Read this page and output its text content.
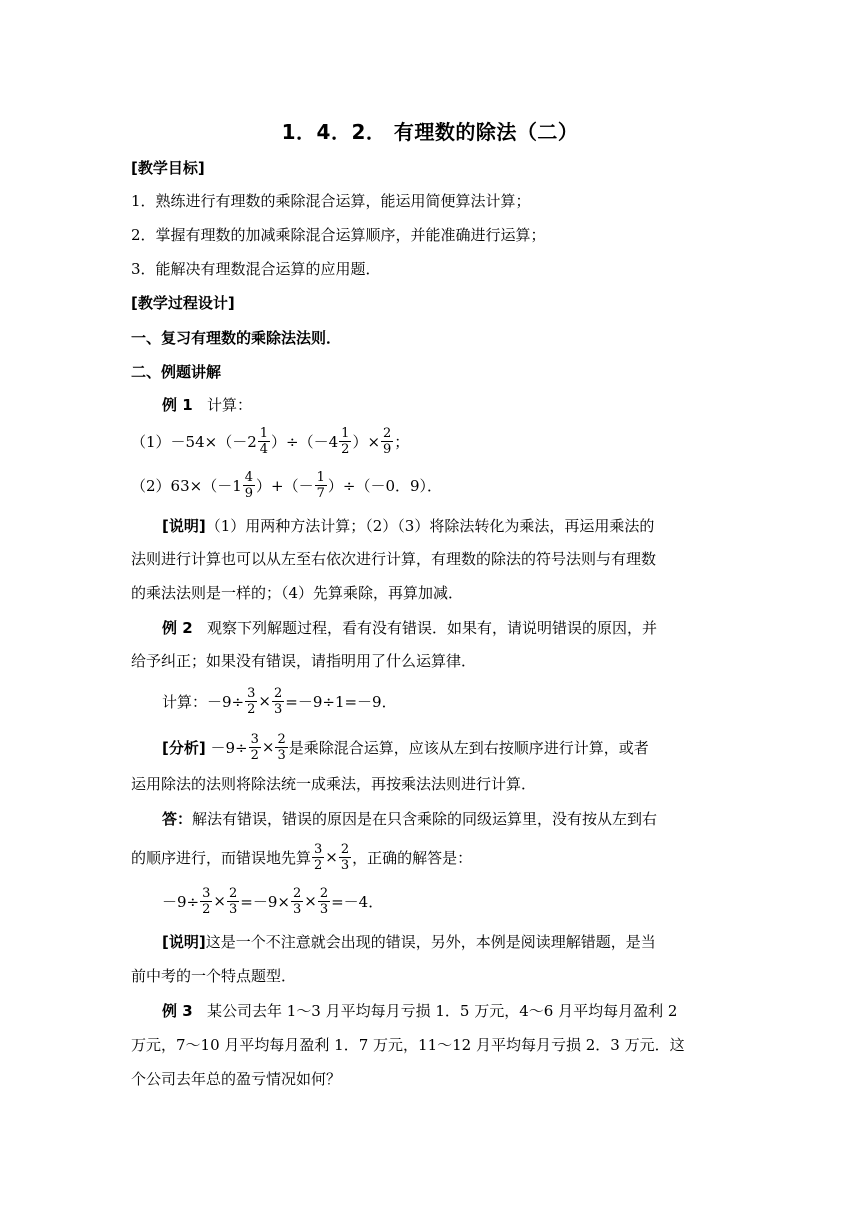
1．4．2． 有理数的除法（二）
[教学目标]
1．熟练进行有理数的乘除混合运算，能运用简便算法计算；
2．掌握有理数的加减乘除混合运算顺序，并能准确进行运算；
3．能解决有理数混合运算的应用题．
[教学过程设计]
一、复习有理数的乘除法法则．
二、例题讲解
例 1 计算：
$(1)-54\times(-2 \frac{1}{4} )\div(-4 \frac{1}{2}$ ）× $\frac{2}{9}$ ；
$(2)63\times(-1 \frac{4}{9}$ ）+（－ $\frac{1}{7} )\div(-0$．9）．
[说明]（1）用两种方法计算；（2）（3）将除法转化为乘法，再运用乘法的
法则进行计算也可以从左至右依次进行计算，有理数的除法的符号法则与有理数
的乘法法则是一样的；（4）先算乘除，再算加减．
例 2 观察下列解题过程，看有没有错误．如果有，请说明错误的原因，并
给予纠正；如果没有错误，请指明用了什么运算律．
计算：$-9\div \frac{3}{2} \times \frac{2}{3} =-9\div 1=-9$．
[分析]
$-9\div \frac{3}{2} \times \frac{2}{3}$ 是乘除混合运算，应该从左到右按顺序进行计算，或者
运用除法的法则将除法统一成乘法，再按乘法法则进行计算．
答：解法有错误，错误的原因是在只含乘除的同级运算里，没有按从左到右
的顺序进行，而错误地先算 $\frac{3}{2} \times \frac{2}{3}$ ，正确的解答是：
$-9\div \frac{3}{2} \times \frac{2}{3} =-9\times \frac{2}{3} \times \frac{2}{3} =-4$．
[说明]这是一个不注意就会出现的错误，另外，本例是阅读理解错题，是当
前中考的一个特点题型．
例 3 某公司去年 1～3 月平均每月亏损 1．5 万元，4～6 月平均每月盈利 2
万元，7～10 月平均每月盈利 1．7 万元，11～12 月平均每月亏损 2．3 万元．这
个公司去年总的盈亏情况如何？
